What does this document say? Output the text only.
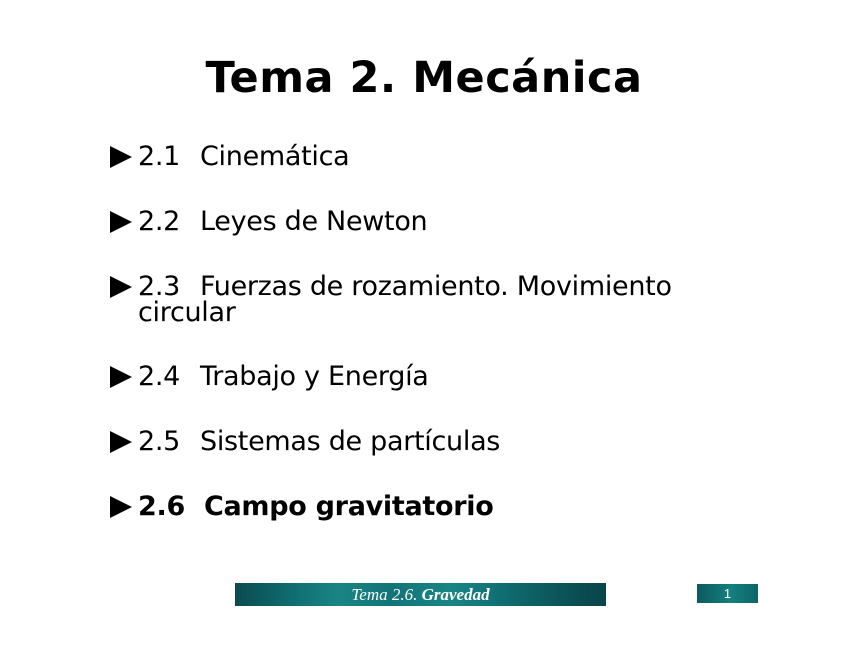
Tema 2. Mecánica
2.1 Cinemática
2.2 Leyes de Newton
2.3 Fuerzas de rozamiento. Movimiento
circular
2.4 Trabajo y Energía
2.5 Sistemas de partículas
2.6 Campo gravitatorio
Tema 2.6. Gravedad	1
